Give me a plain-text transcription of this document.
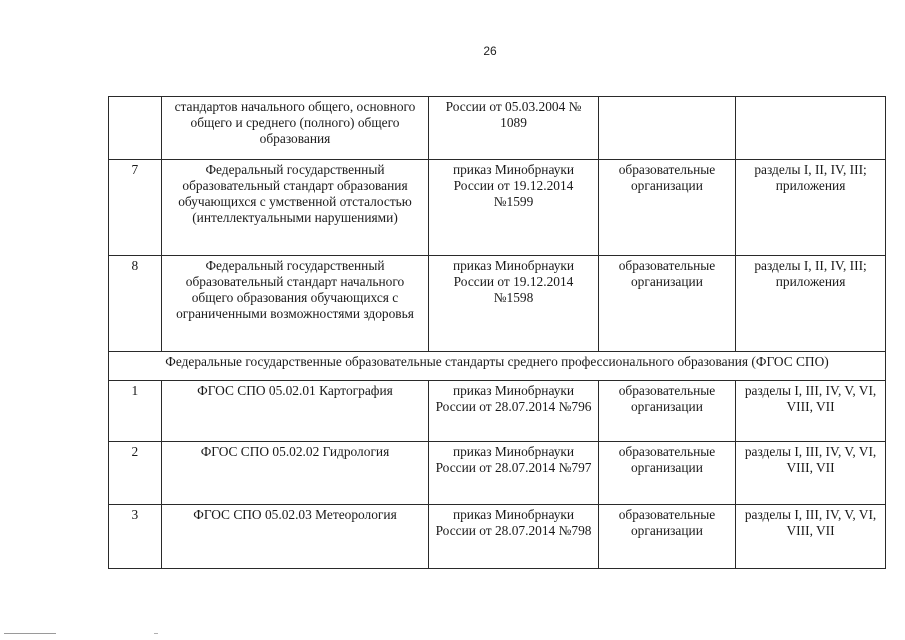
26
	стандартов начального общего, основного общего и среднего (полного) общего образования	России от 05.03.2004 № 1089		
7	Федеральный государственный образовательный стандарт образования обучающихся с умственной отсталостью (интеллектуальными нарушениями)	приказ Минобрнауки России от 19.12.2014 №1599	образовательные организации	разделы I, II, IV, III; приложения
8	Федеральный государственный образовательный стандарт начального общего образования обучающихся с ограниченными возможностями здоровья	приказ Минобрнауки России от 19.12.2014 №1598	образовательные организации	разделы I, II, IV, III; приложения
Федеральные государственные образовательные стандарты среднего профессионального образования (ФГОС СПО)				
1	ФГОС СПО 05.02.01 Картография	приказ Минобрнауки России от 28.07.2014 №796	образовательные организации	разделы I, III, IV, V, VI, VIII, VII
2	ФГОС СПО 05.02.02 Гидрология	приказ Минобрнауки России от 28.07.2014 №797	образовательные организации	разделы I, III, IV, V, VI, VIII, VII
3	ФГОС СПО 05.02.03 Метеорология	приказ Минобрнауки России от 28.07.2014 №798	образовательные организации	разделы I, III, IV, V, VI, VIII, VII
